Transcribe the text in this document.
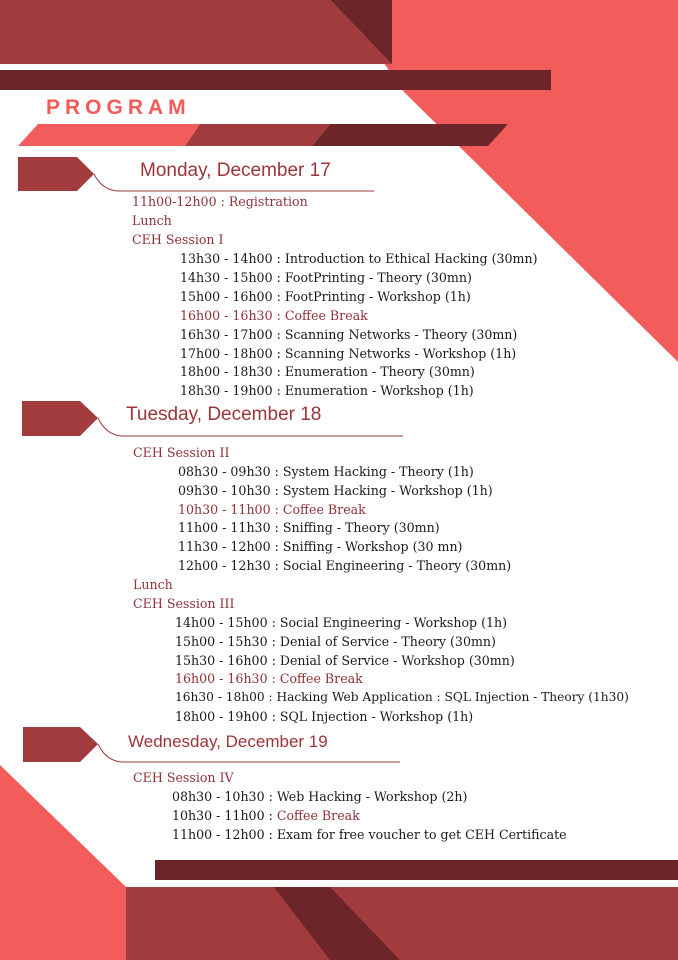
PROGRAM
Monday, December 17
11h00-12h00 : Registration
Lunch
CEH Session I
13h30 - 14h00 : Introduction to Ethical Hacking (30mn)
14h30 - 15h00 : FootPrinting - Theory (30mn)
15h00 - 16h00 : FootPrinting - Workshop (1h)
16h00 - 16h30 : Coffee Break
16h30 - 17h00 : Scanning Networks - Theory (30mn)
17h00 - 18h00 : Scanning Networks - Workshop (1h)
18h00 - 18h30 : Enumeration - Theory (30mn)
18h30 - 19h00 : Enumeration - Workshop (1h)
Tuesday, December 18
CEH Session II
08h30 - 09h30 : System Hacking - Theory (1h)
09h30 - 10h30 : System Hacking - Workshop (1h)
10h30 - 11h00 : Coffee Break
11h00 - 11h30 : Sniffing - Theory (30mn)
11h30 - 12h00 : Sniffing - Workshop (30 mn)
12h00 - 12h30 : Social Engineering - Theory (30mn)
Lunch
CEH Session III
14h00 - 15h00 : Social Engineering - Workshop (1h)
15h00 - 15h30 : Denial of Service - Theory (30mn)
15h30 - 16h00 : Denial of Service - Workshop (30mn)
16h00 - 16h30 : Coffee Break
16h30 - 18h00 : Hacking Web Application : SQL Injection - Theory (1h30)
18h00 - 19h00 : SQL Injection - Workshop (1h)
Wednesday, December 19
CEH Session IV
08h30 - 10h30 : Web Hacking - Workshop (2h)
10h30 - 11h00 : Coffee Break
11h00 - 12h00 : Exam for free voucher to get CEH Certificate
CSD.IEEE.TN
